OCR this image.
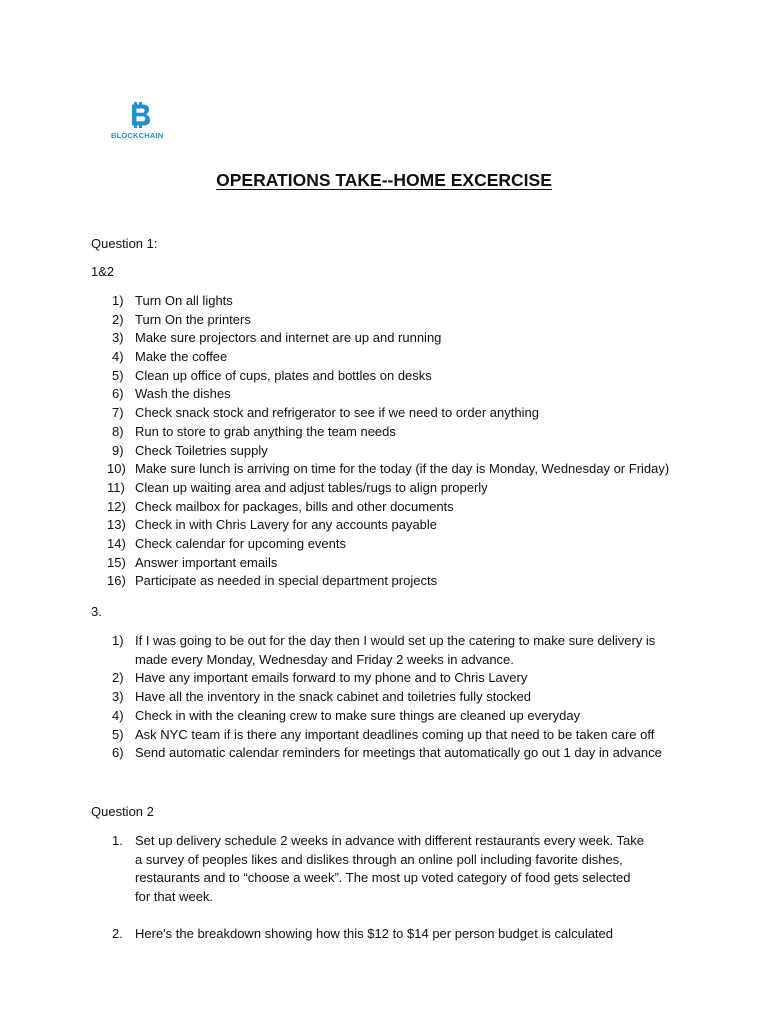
BLOCKCHAIN
OPERATIONS TAKE--HOME EXCERCISE

Question 1:

1&2

1) Turn On all lights
2) Turn On the printers
3) Make sure projectors and internet are up and running
4) Make the coffee
5) Clean up office of cups, plates and bottles on desks
6) Wash the dishes
7) Check snack stock and refrigerator to see if we need to order anything
8) Run to store to grab anything the team needs
9) Check Toiletries supply
10) Make sure lunch is arriving on time for the today (if the day is Monday, Wednesday or Friday)
11) Clean up waiting area and adjust tables/rugs to align properly
12) Check mailbox for packages, bills and other documents
13) Check in with Chris Lavery for any accounts payable
14) Check calendar for upcoming events
15) Answer important emails
16) Participate as needed in special department projects

3.

1) If I was going to be out for the day then I would set up the catering to make sure delivery is
made every Monday, Wednesday and Friday 2 weeks in advance.
2) Have any important emails forward to my phone and to Chris Lavery
3) Have all the inventory in the snack cabinet and toiletries fully stocked
4) Check in with the cleaning crew to make sure things are cleaned up everyday
5) Ask NYC team if is there any important deadlines coming up that need to be taken care off
6) Send automatic calendar reminders for meetings that automatically go out 1 day in advance

Question 2

1. Set up delivery schedule 2 weeks in advance with different restaurants every week. Take a survey of peoples likes and dislikes through an online poll including favorite dishes, restaurants and to “choose a week”. The most up voted category of food gets selected for that week.
2. Here's the breakdown showing how this $12 to $14 per person budget is calculated
